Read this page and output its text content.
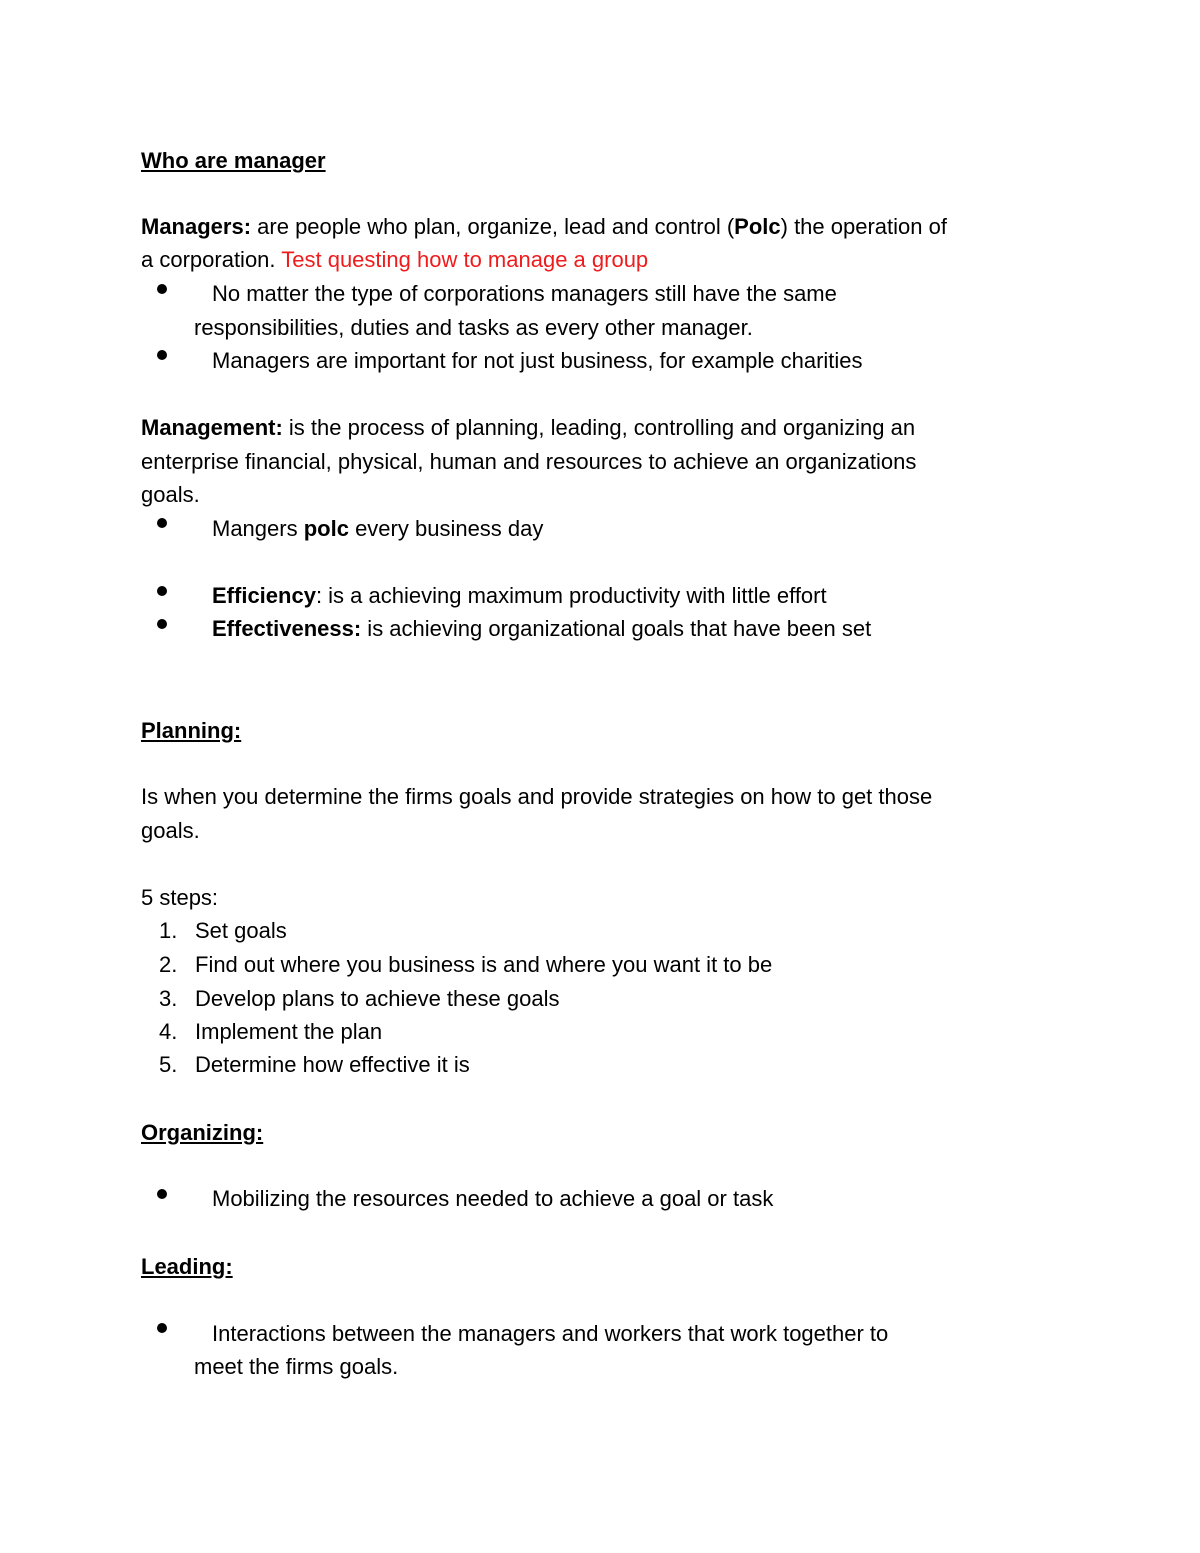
Who are manager
Managers: are people who plan, organize, lead and control (Polc) the operation of
a corporation. Test questing how to manage a group
No matter the type of corporations managers still have the same
responsibilities, duties and tasks as every other manager.
Managers are important for not just business, for example charities
Management: is the process of planning, leading, controlling and organizing an
enterprise financial, physical, human and resources to achieve an organizations
goals.
Mangers polc every business day
Efficiency: is a achieving maximum productivity with little effort
Effectiveness: is achieving organizational goals that have been set
Planning:
Is when you determine the firms goals and provide strategies on how to get those
goals.
5 steps:
1. Set goals
2. Find out where you business is and where you want it to be
3. Develop plans to achieve these goals
4. Implement the plan
5. Determine how effective it is
Organizing:
Mobilizing the resources needed to achieve a goal or task
Leading:
Interactions between the managers and workers that work together to
meet the firms goals.
